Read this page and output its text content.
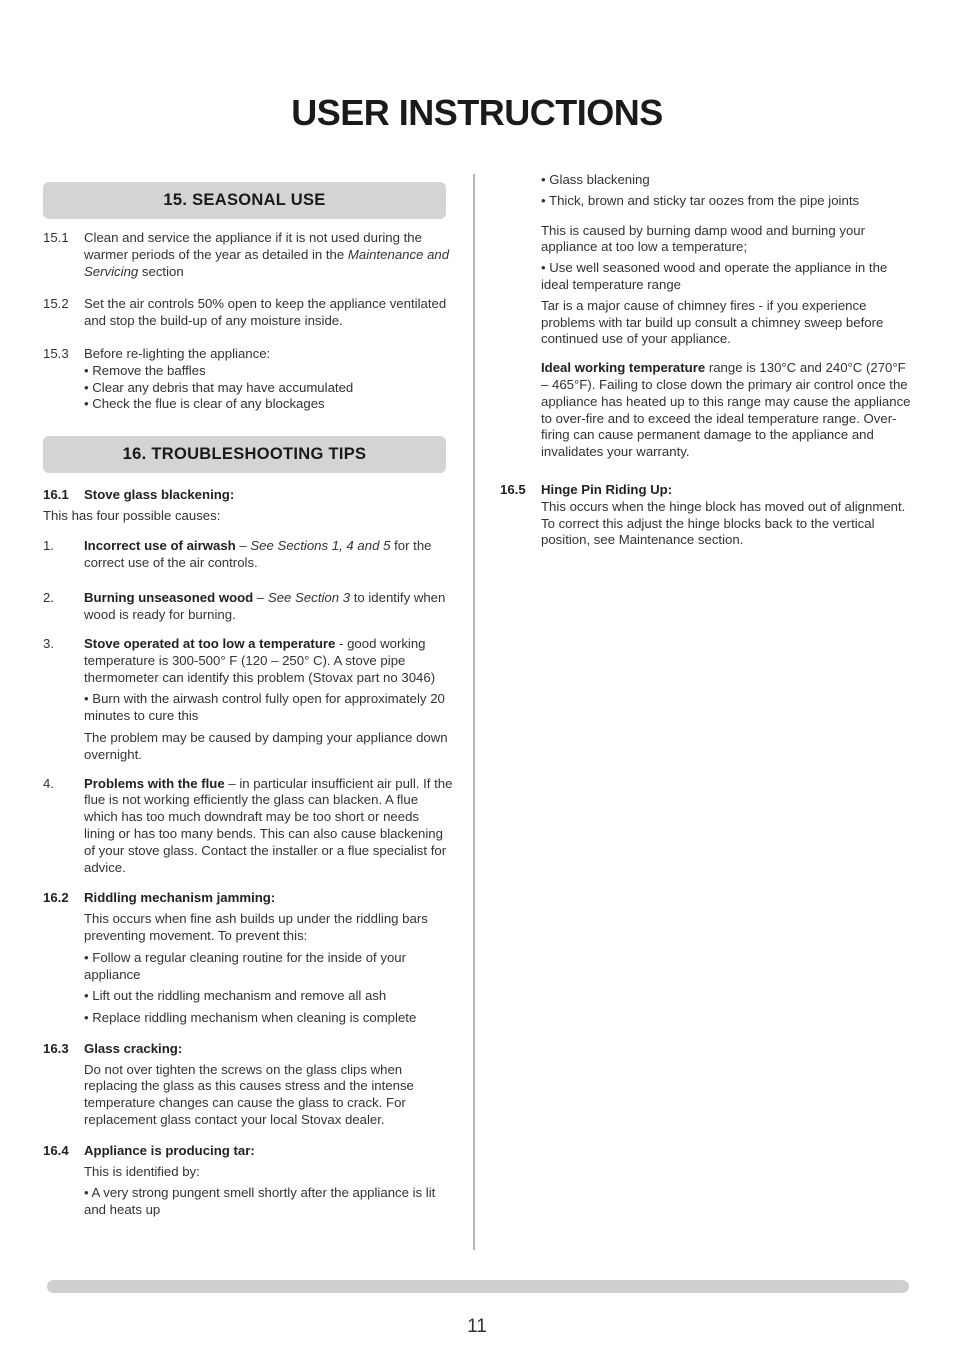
USER INSTRUCTIONS
15. SEASONAL USE
15.1	Clean and service the appliance if it is not used during the warmer periods of the year as detailed in the Maintenance and Servicing section
15.2	Set the air controls 50% open to keep the appliance ventilated and stop the build-up of any moisture inside.
15.3	Before re-lighting the appliance:
• Remove the baffles
• Clear any debris that may have accumulated
• Check the flue is clear of any blockages
16. TROUBLESHOOTING TIPS
16.1	Stove glass blackening:
This has four possible causes:
1.	Incorrect use of airwash – See Sections 1, 4 and 5 for the correct use of the air controls.
2.	Burning unseasoned wood – See Section 3 to identify when wood is ready for burning.
3.	Stove operated at too low a temperature - good working temperature is 300-500° F (120 – 250° C). A stove pipe thermometer can identify this problem (Stovax part no 3046)
• Burn with the airwash control fully open for approximately 20 minutes to cure this
The problem may be caused by damping your appliance down overnight.
4.	Problems with the flue – in particular insufficient air pull. If the flue is not working efficiently the glass can blacken. A flue which has too much downdraft may be too short or needs lining or has too many bends. This can also cause blackening of your stove glass. Contact the installer or a flue specialist for advice.
16.2	Riddling mechanism jamming:
This occurs when fine ash builds up under the riddling bars preventing movement. To prevent this:
• Follow a regular cleaning routine for the inside of your appliance
• Lift out the riddling mechanism and remove all ash
• Replace riddling mechanism when cleaning is complete
16.3	Glass cracking:
Do not over tighten the screws on the glass clips when replacing the glass as this causes stress and the intense temperature changes can cause the glass to crack. For replacement glass contact your local Stovax dealer.
16.4	Appliance is producing tar:
This is identified by:
• A very strong pungent smell shortly after the appliance is lit and heats up
• Glass blackening
• Thick, brown and sticky tar oozes from the pipe joints
This is caused by burning damp wood and burning your appliance at too low a temperature;
• Use well seasoned wood and operate the appliance in the ideal temperature range
Tar is a major cause of chimney fires - if you experience problems with tar build up consult a chimney sweep before continued use of your appliance.
Ideal working temperature range is 130°C and 240°C (270°F – 465°F). Failing to close down the primary air control once the appliance has heated up to this range may cause the appliance to over-fire and to exceed the ideal temperature range. Over-firing can cause permanent damage to the appliance and invalidates your warranty.
16.5	Hinge Pin Riding Up:
This occurs when the hinge block has moved out of alignment. To correct this adjust the hinge blocks back to the vertical position, see Maintenance section.
11
